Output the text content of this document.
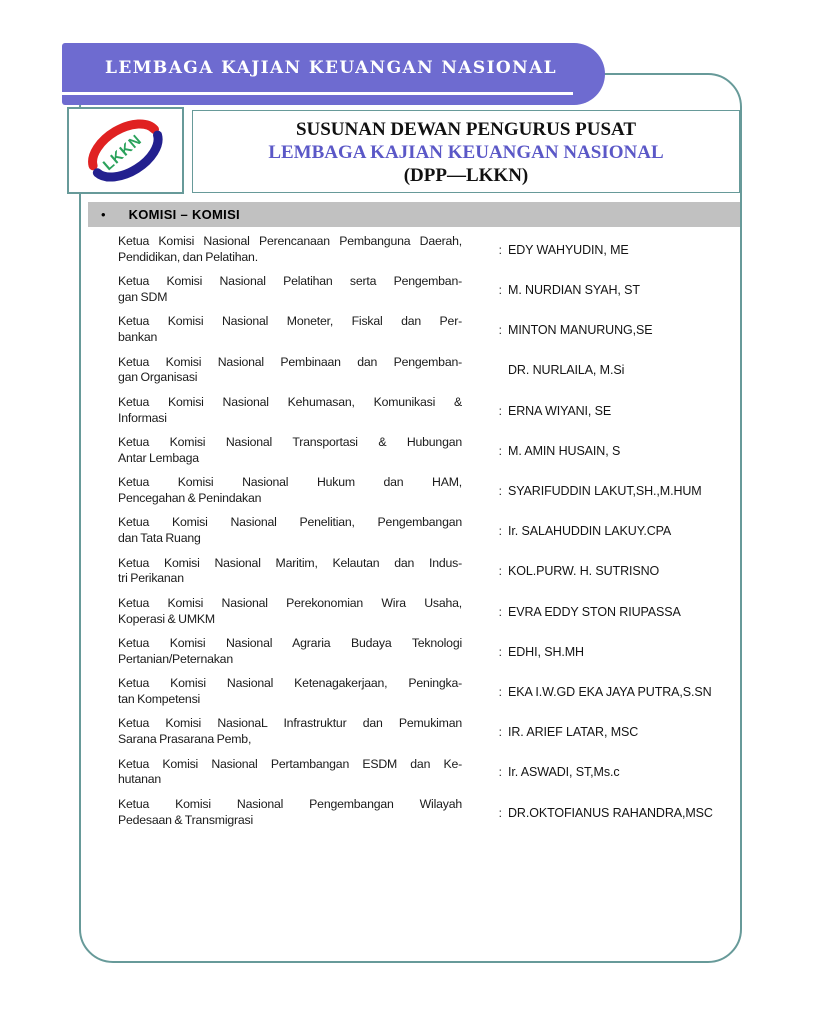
LEMBAGA KAJIAN KEUANGAN NASIONAL
LKKN
SUSUNAN DEWAN PENGURUS PUSAT
LEMBAGA KAJIAN KEUANGAN NASIONAL
(DPP—LKKN)
• KOMISI – KOMISI
Ketua Komisi Nasional Perencanaan Pembanguna Daerah,
Pendidikan, dan Pelatihan.	: EDY WAHYUDIN, ME
Ketua Komisi Nasional Pelatihan serta Pengemban-
gan SDM	: M. NURDIAN SYAH, ST
Ketua Komisi Nasional Moneter, Fiskal dan Per-
bankan	: MINTON MANURUNG,SE
Ketua Komisi Nasional Pembinaan dan Pengemban-
gan Organisasi	DR. NURLAILA, M.Si
Ketua Komisi Nasional Kehumasan, Komunikasi &
Informasi	: ERNA WIYANI, SE
Ketua Komisi Nasional Transportasi & Hubungan
Antar Lembaga	: M. AMIN HUSAIN, S
Ketua Komisi Nasional Hukum dan HAM,
Pencegahan & Penindakan	: SYARIFUDDIN LAKUT,SH.,M.HUM
Ketua Komisi Nasional Penelitian, Pengembangan
dan Tata Ruang	: Ir. SALAHUDDIN LAKUY.CPA
Ketua Komisi Nasional Maritim, Kelautan dan Indus-
tri Perikanan	: KOL.PURW. H. SUTRISNO
Ketua Komisi Nasional Perekonomian Wira Usaha,
Koperasi & UMKM	: EVRA EDDY STON RIUPASSA
Ketua Komisi Nasional Agraria Budaya Teknologi
Pertanian/Peternakan	: EDHI, SH.MH
Ketua Komisi Nasional Ketenagakerjaan, Peningka-
tan Kompetensi	: EKA I.W.GD EKA JAYA PUTRA,S.SN
Ketua Komisi NasionaL Infrastruktur dan Pemukiman
Sarana Prasarana Pemb,	: IR. ARIEF LATAR, MSC
Ketua Komisi Nasional Pertambangan ESDM dan Ke-
hutanan	: Ir. ASWADI, ST,Ms.c
Ketua Komisi Nasional Pengembangan Wilayah
Pedesaan & Transmigrasi	: DR.OKTOFIANUS RAHANDRA,MSC
